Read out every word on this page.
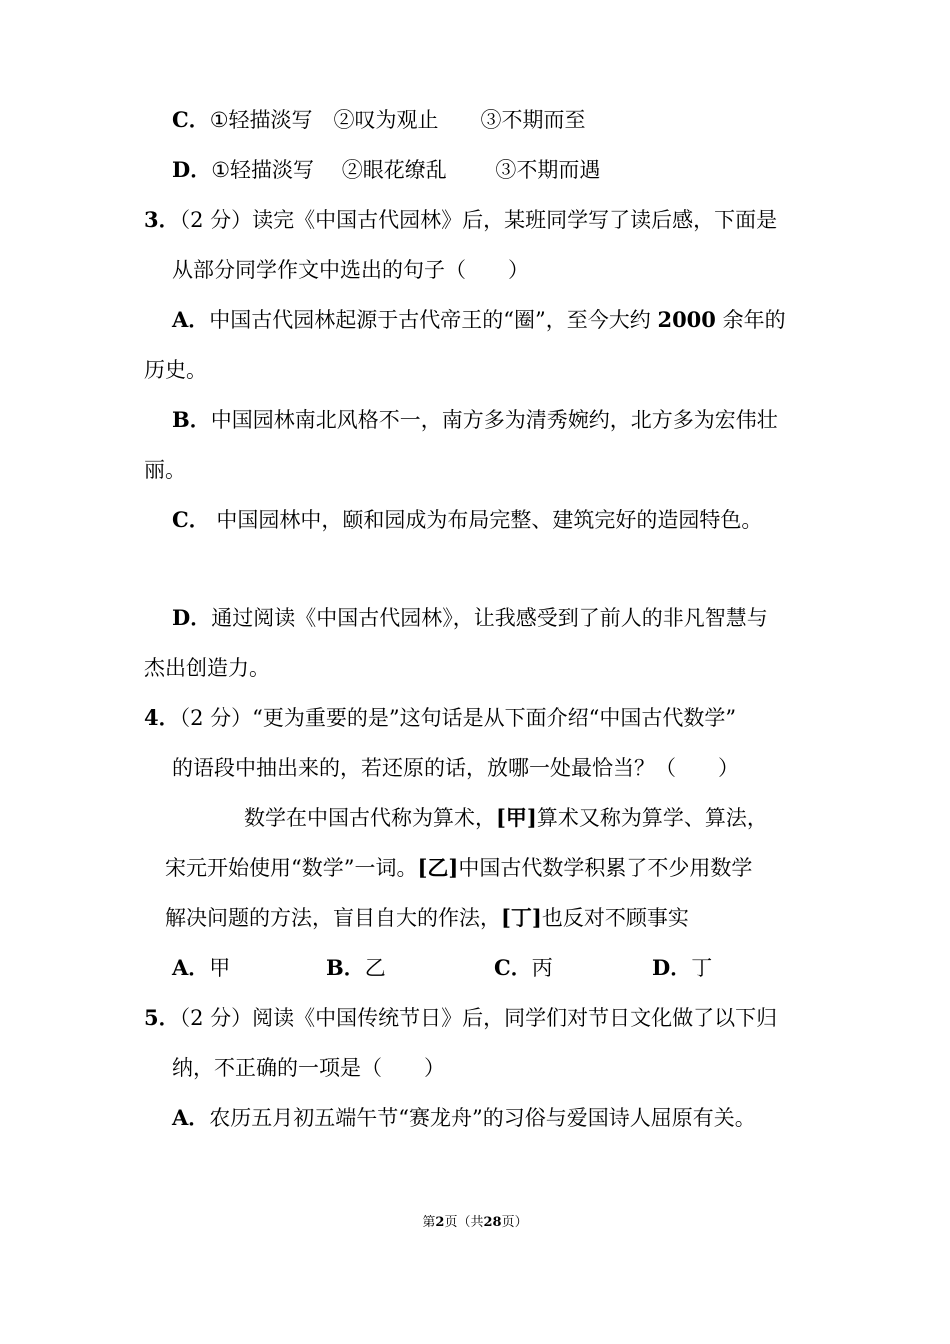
C．①轻描淡写　②叹为观止　　③不期而至
D．①轻描淡写　 ②眼花缭乱　　 ③不期而遇
3．（2 分）读完《中国古代园林》后，某班同学写了读后感，下面是
从部分同学作文中选出的句子（　　）
A．中国古代园林起源于古代帝王的“圈”，至今大约 2000 余年的
历史。
B．中国园林南北风格不一，南方多为清秀婉约，北方多为宏伟壮
丽。
C． 中国园林中，颐和园成为布局完整、建筑完好的造园特色。
D．通过阅读《中国古代园林》，让我感受到了前人的非凡智慧与
杰出创造力。
4．（2 分）“更为重要的是”这句话是从下面介绍“中国古代数学”
的语段中抽出来的，若还原的话，放哪一处最恰当？（　　）
数学在中国古代称为算术，[甲]算术又称为算学、算法，
宋元开始使用“数学”一词。[乙]中国古代数学积累了不少用数学
解决问题的方法，盲目自大的作法，[丁]也反对不顾事实
A．甲	B．乙	C．丙	D．丁
5．（2 分）阅读《中国传统节日》后，同学们对节日文化做了以下归
纳，不正确的一项是（　　）
A．农历五月初五端午节“赛龙舟”的习俗与爱国诗人屈原有关。
第2页（共28页）
